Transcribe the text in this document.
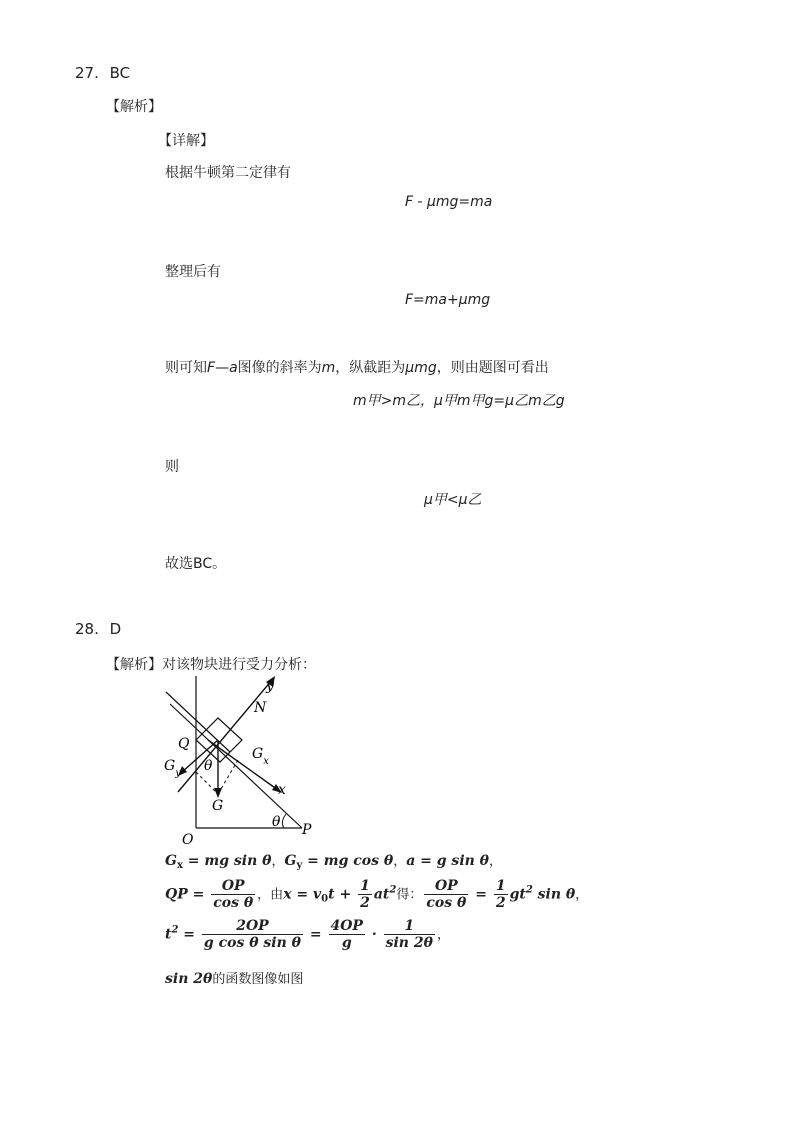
27. BC
【解析】
【详解】
根据牛顿第二定律有
F - μmg=ma
整理后有
F=ma+μmg
则可知F—a图像的斜率为m，纵截距为μmg，则由题图可看出
m甲>m乙，μ甲m甲g=μ乙m乙g
则
μ甲<μ乙
故选BC。
28. D
【解析】对该物块进行受力分析：
y
N
Q
$G_x$
$G_y$ θ
x
G
O
θ P
$G_x$ = mg sin θ，$G_y$ = mg cos θ，a = g sin θ，
QP = $\frac{OP}{\text{cos θ}}$ ，由$x = v_0t + \frac{1}{2} at^2$得： $\frac{OP}{\text{cos θ}} = \frac{1}{2} gt^2$ sin θ，
$t^2 = \frac{2OP}{\text{g cos θ sin θ}} = \frac{4OP}{g} \cdot \frac{1}{\sin 2\theta}$ ，
sin 2θ的函数图像如图
